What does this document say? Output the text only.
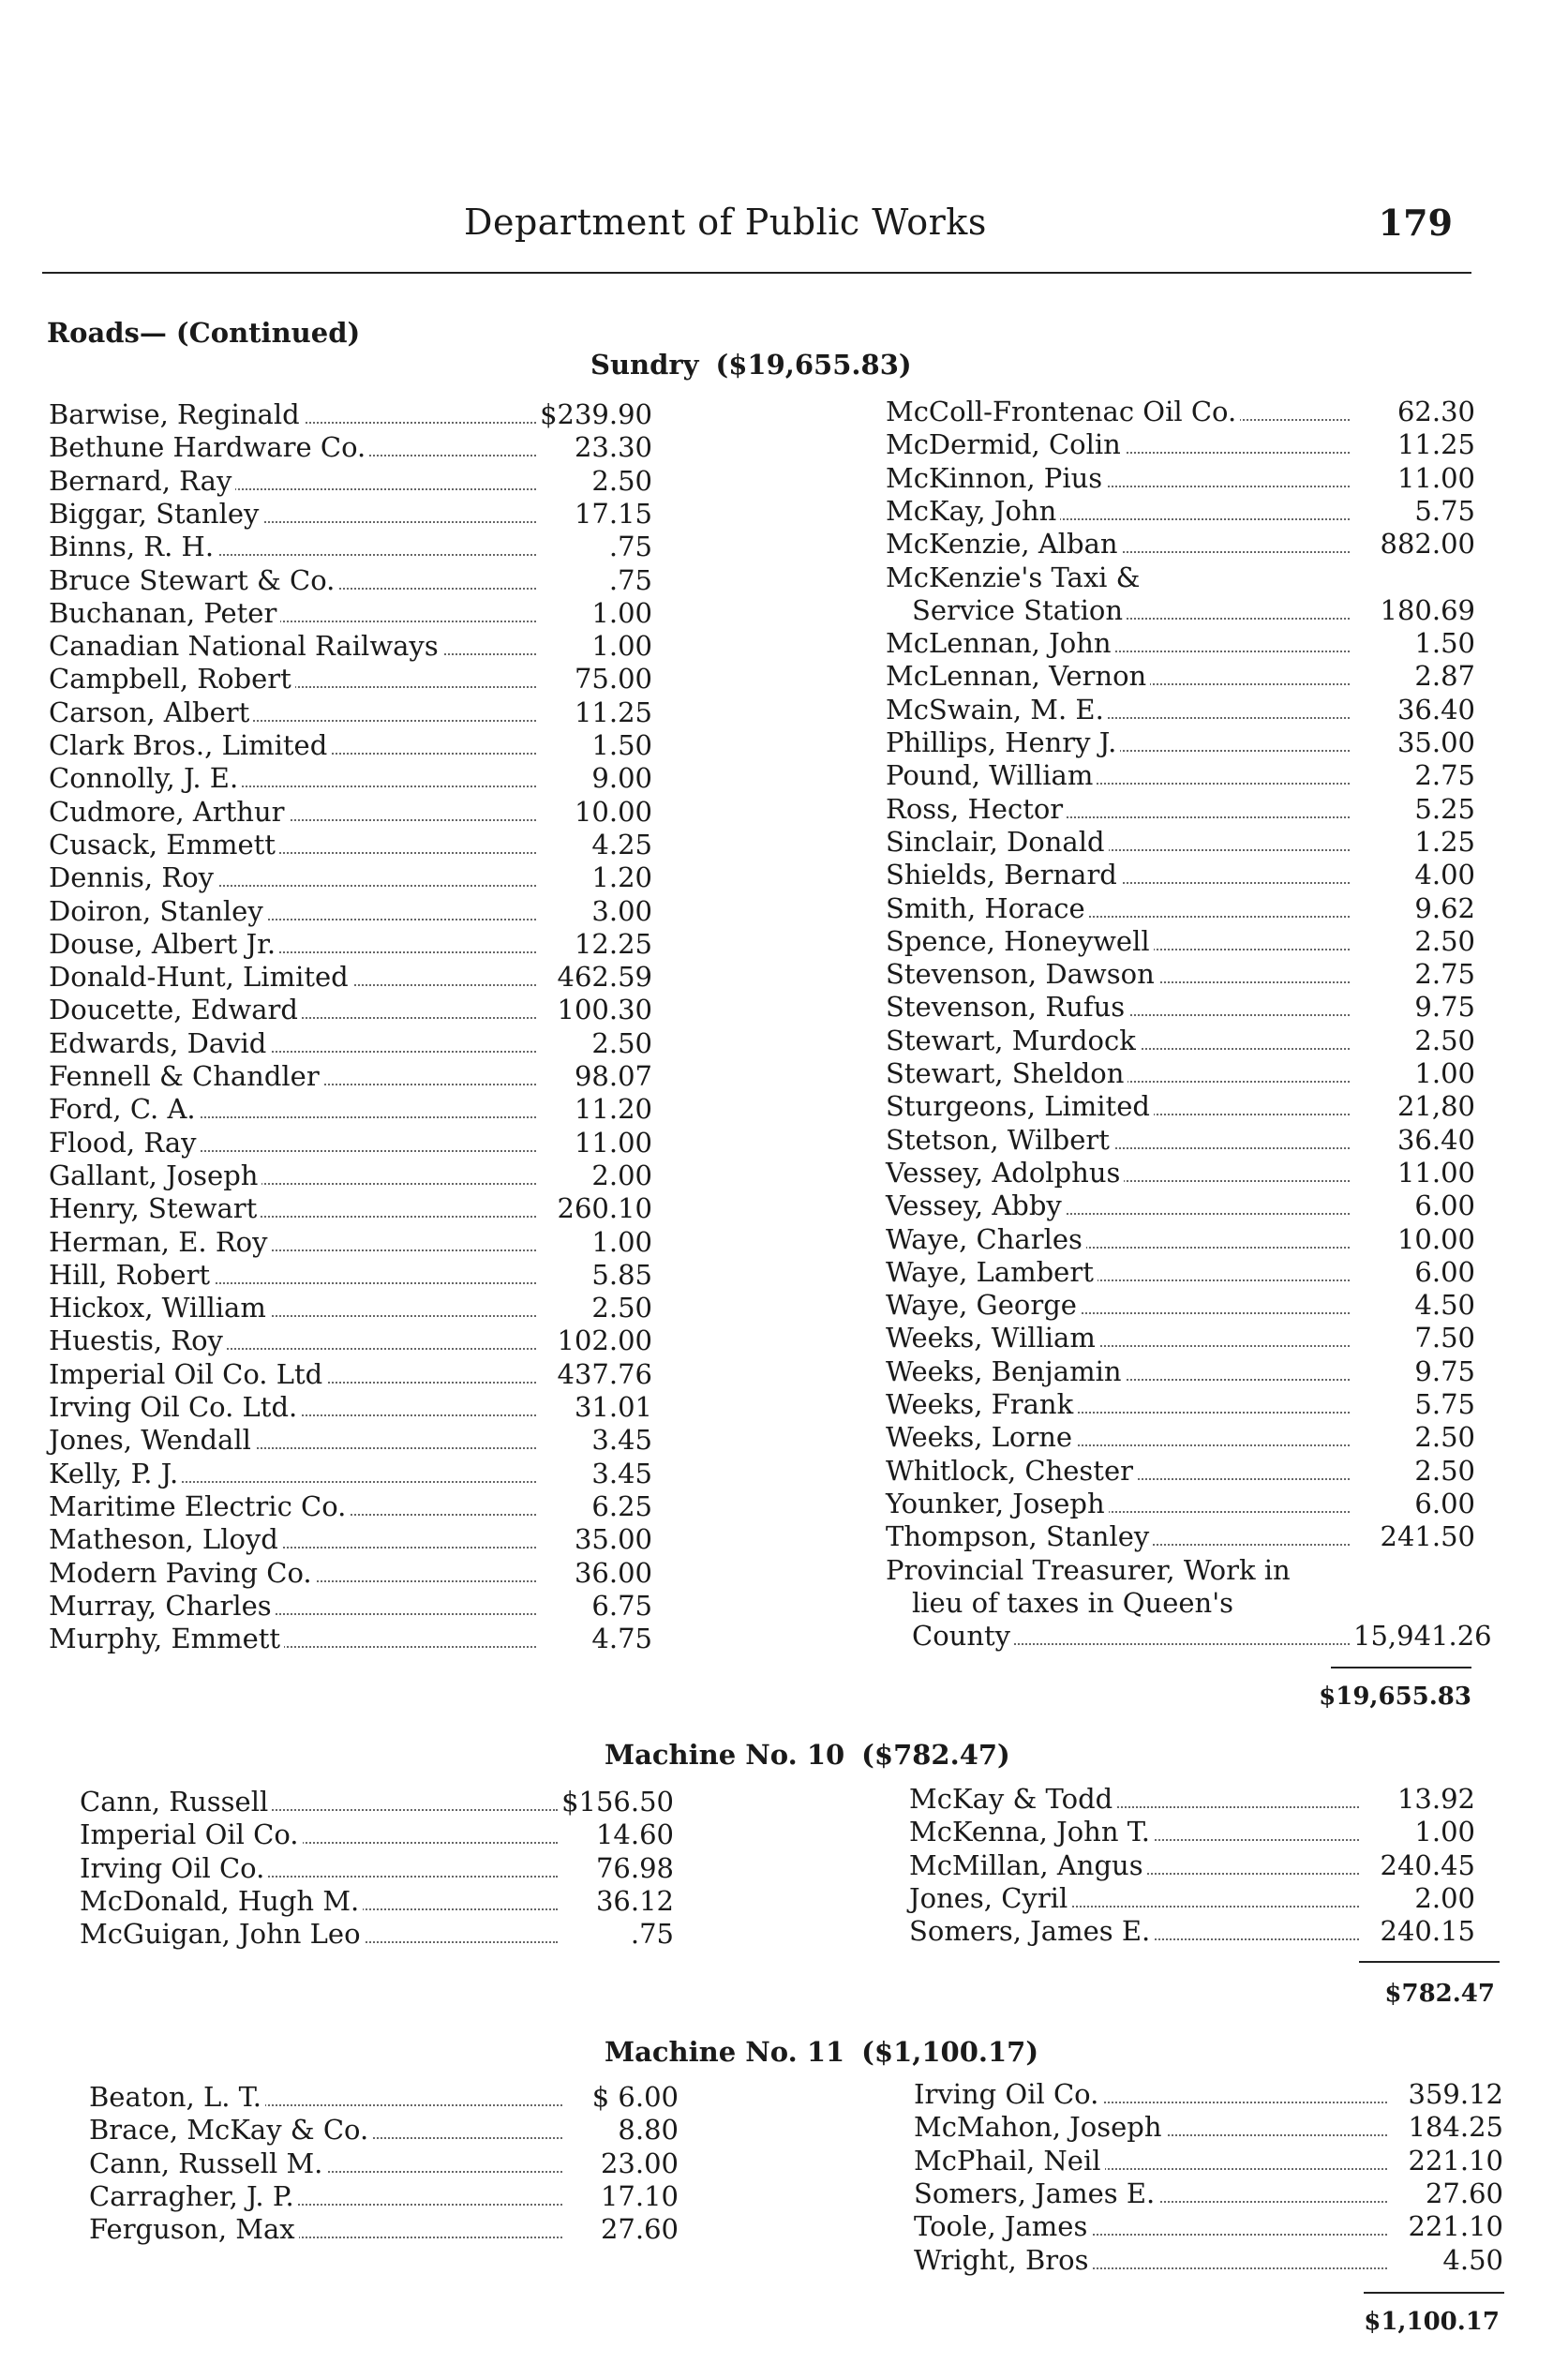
Department of Public Works	179
Roads— (Continued)
Sundry ($19,655.83)
Barwise, Reginald	$239.90
Bethune Hardware Co.	23.30
Bernard, Ray	2.50
Biggar, Stanley	17.15
Binns, R. H.	.75
Bruce Stewart & Co.	.75
Buchanan, Peter	1.00
Canadian National Railways	1.00
Campbell, Robert	75.00
Carson, Albert	11.25
Clark Bros., Limited	1.50
Connolly, J. E.	9.00
Cudmore, Arthur	10.00
Cusack, Emmett	4.25
Dennis, Roy	1.20
Doiron, Stanley	3.00
Douse, Albert Jr.	12.25
Donald-Hunt, Limited	462.59
Doucette, Edward	100.30
Edwards, David	2.50
Fennell & Chandler	98.07
Ford, C. A.	11.20
Flood, Ray	11.00
Gallant, Joseph	2.00
Henry, Stewart	260.10
Herman, E. Roy	1.00
Hill, Robert	5.85
Hickox, William	2.50
Huestis, Roy	102.00
Imperial Oil Co. Ltd	437.76
Irving Oil Co. Ltd.	31.01
Jones, Wendall	3.45
Kelly, P. J.	3.45
Maritime Electric Co.	6.25
Matheson, Lloyd	35.00
Modern Paving Co.	36.00
Murray, Charles	6.75
Murphy, Emmett	4.75
McColl-Frontenac Oil Co.	62.30
McDermid, Colin	11.25
McKinnon, Pius	11.00
McKay, John	5.75
McKenzie, Alban	882.00
McKenzie's Taxi &
Service Station	180.69
McLennan, John	1.50
McLennan, Vernon	2.87
McSwain, M. E.	36.40
Phillips, Henry J.	35.00
Pound, William	2.75
Ross, Hector	5.25
Sinclair, Donald	1.25
Shields, Bernard	4.00
Smith, Horace	9.62
Spence, Honeywell	2.50
Stevenson, Dawson	2.75
Stevenson, Rufus	9.75
Stewart, Murdock	2.50
Stewart, Sheldon	1.00
Sturgeons, Limited	21,80
Stetson, Wilbert	36.40
Vessey, Adolphus	11.00
Vessey, Abby	6.00
Waye, Charles	10.00
Waye, Lambert	6.00
Waye, George	4.50
Weeks, William	7.50
Weeks, Benjamin	9.75
Weeks, Frank	5.75
Weeks, Lorne	2.50
Whitlock, Chester	2.50
Younker, Joseph	6.00
Thompson, Stanley	241.50
Provincial Treasurer, Work in
lieu of taxes in Queen's
County	15,941.26
$19,655.83
Machine No. 10 ($782.47)
Cann, Russell	$156.50
Imperial Oil Co.	14.60
Irving Oil Co.	76.98
McDonald, Hugh M.	36.12
McGuigan, John Leo	.75
McKay & Todd	13.92
McKenna, John T.	1.00
McMillan, Angus	240.45
Jones, Cyril	2.00
Somers, James E.	240.15
$782.47
Machine No. 11 ($1,100.17)
Beaton, L. T.	$ 6.00
Brace, McKay & Co.	8.80
Cann, Russell M.	23.00
Carragher, J. P.	17.10
Ferguson, Max	27.60
Irving Oil Co.	359.12
McMahon, Joseph	184.25
McPhail, Neil	221.10
Somers, James E.	27.60
Toole, James	221.10
Wright, Bros	4.50
$1,100.17
